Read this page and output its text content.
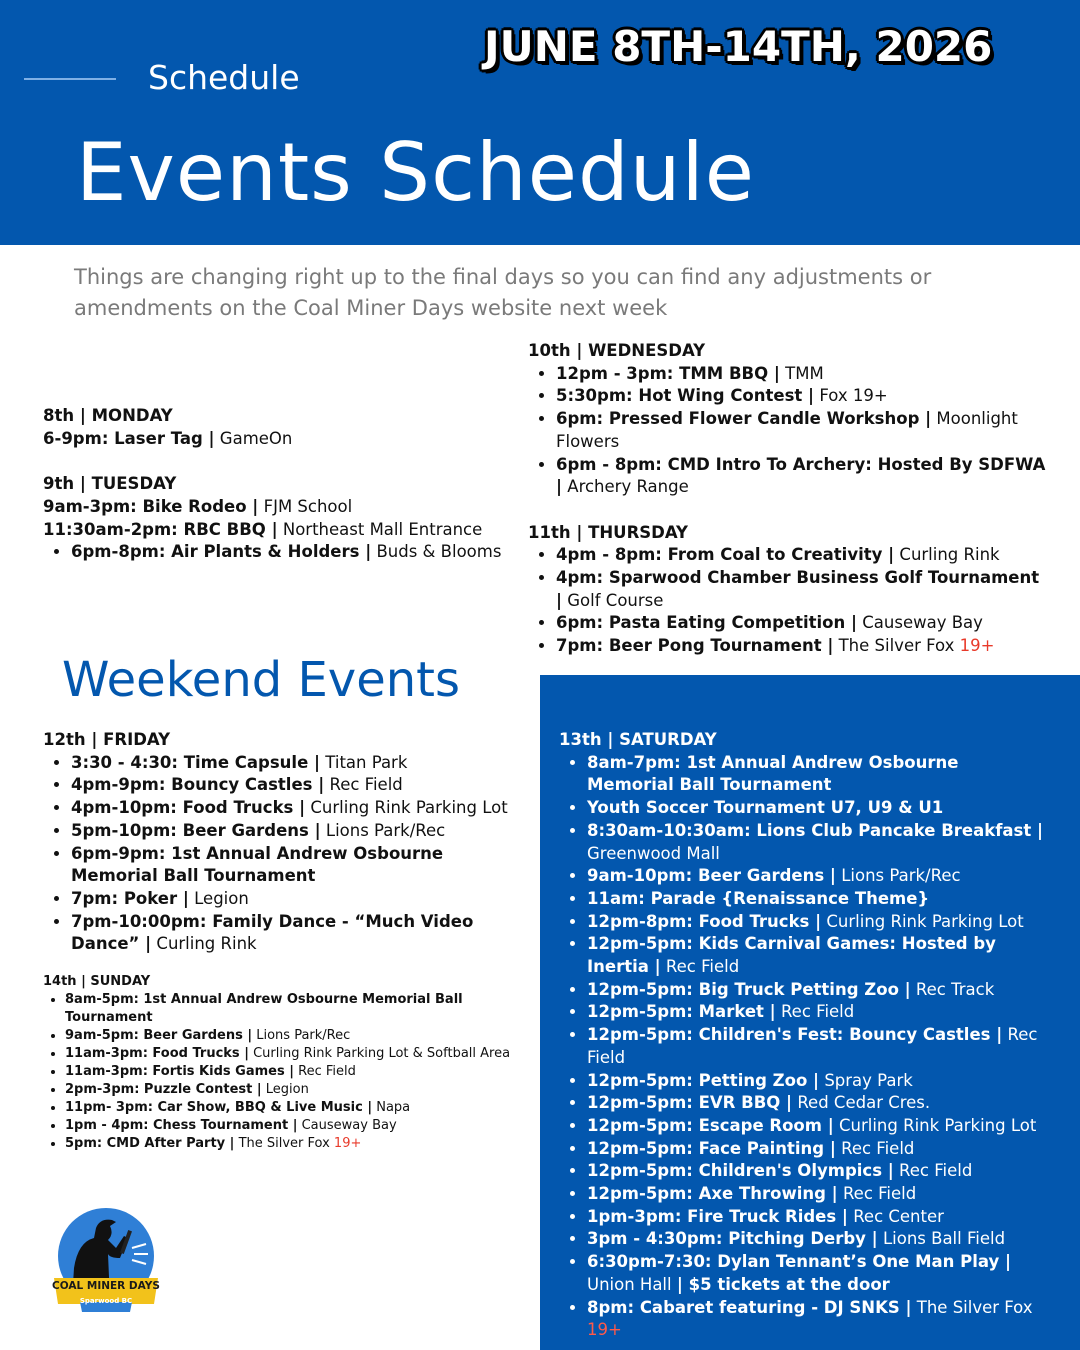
Schedule
JUNE 8TH-14TH, 2026
Events Schedule
Things are changing right up to the final days so you can find any adjustments or amendments on the Coal Miner Days website next week
8th | MONDAY
6-9pm: Laser Tag | GameOn
9th | TUESDAY
9am-3pm: Bike Rodeo | FJM School
11:30am-2pm: RBC BBQ | Northeast Mall Entrance
• 6pm-8pm: Air Plants & Holders | Buds & Blooms
10th | WEDNESDAY
• 12pm - 3pm: TMM BBQ | TMM
• 5:30pm: Hot Wing Contest | Fox 19+
• 6pm: Pressed Flower Candle Workshop | Moonlight Flowers
• 6pm - 8pm: CMD Intro To Archery: Hosted By SDFWA | Archery Range
11th | THURSDAY
• 4pm - 8pm: From Coal to Creativity | Curling Rink
• 4pm: Sparwood Chamber Business Golf Tournament | Golf Course
• 6pm: Pasta Eating Competition | Causeway Bay
• 7pm: Beer Pong Tournament | The Silver Fox 19+
Weekend Events
12th | FRIDAY
• 3:30 - 4:30: Time Capsule | Titan Park
• 4pm-9pm: Bouncy Castles | Rec Field
• 4pm-10pm: Food Trucks | Curling Rink Parking Lot
• 5pm-10pm: Beer Gardens | Lions Park/Rec
• 6pm-9pm: 1st Annual Andrew Osbourne Memorial Ball Tournament
• 7pm: Poker | Legion
• 7pm-10:00pm: Family Dance - “Much Video Dance” | Curling Rink
14th | SUNDAY
• 8am-5pm: 1st Annual Andrew Osbourne Memorial Ball Tournament
• 9am-5pm: Beer Gardens | Lions Park/Rec
• 11am-3pm: Food Trucks | Curling Rink Parking Lot & Softball Area
• 11am-3pm: Fortis Kids Games | Rec Field
• 2pm-3pm: Puzzle Contest | Legion
• 11pm- 3pm: Car Show, BBQ & Live Music | Napa
• 1pm - 4pm: Chess Tournament | Causeway Bay
• 5pm: CMD After Party | The Silver Fox 19+
13th | SATURDAY
• 8am-7pm: 1st Annual Andrew Osbourne Memorial Ball Tournament
• Youth Soccer Tournament U7, U9 & U1
• 8:30am-10:30am: Lions Club Pancake Breakfast | Greenwood Mall
• 9am-10pm: Beer Gardens | Lions Park/Rec
• 11am: Parade {Renaissance Theme}
• 12pm-8pm: Food Trucks | Curling Rink Parking Lot
• 12pm-5pm: Kids Carnival Games: Hosted by Inertia | Rec Field
• 12pm-5pm: Big Truck Petting Zoo | Rec Track
• 12pm-5pm: Market | Rec Field
• 12pm-5pm: Children's Fest: Bouncy Castles | Rec Field
• 12pm-5pm: Petting Zoo | Spray Park
• 12pm-5pm: EVR BBQ | Red Cedar Cres.
• 12pm-5pm: Escape Room | Curling Rink Parking Lot
• 12pm-5pm: Face Painting | Rec Field
• 12pm-5pm: Children's Olympics | Rec Field
• 12pm-5pm: Axe Throwing | Rec Field
• 1pm-3pm: Fire Truck Rides | Rec Center
• 3pm - 4:30pm: Pitching Derby | Lions Ball Field
• 6:30pm-7:30: Dylan Tennant’s One Man Play | Union Hall | $5 tickets at the door
• 8pm: Cabaret featuring - DJ SNKS | The Silver Fox 19+
COAL MINER DAYS
Sparwood BC
